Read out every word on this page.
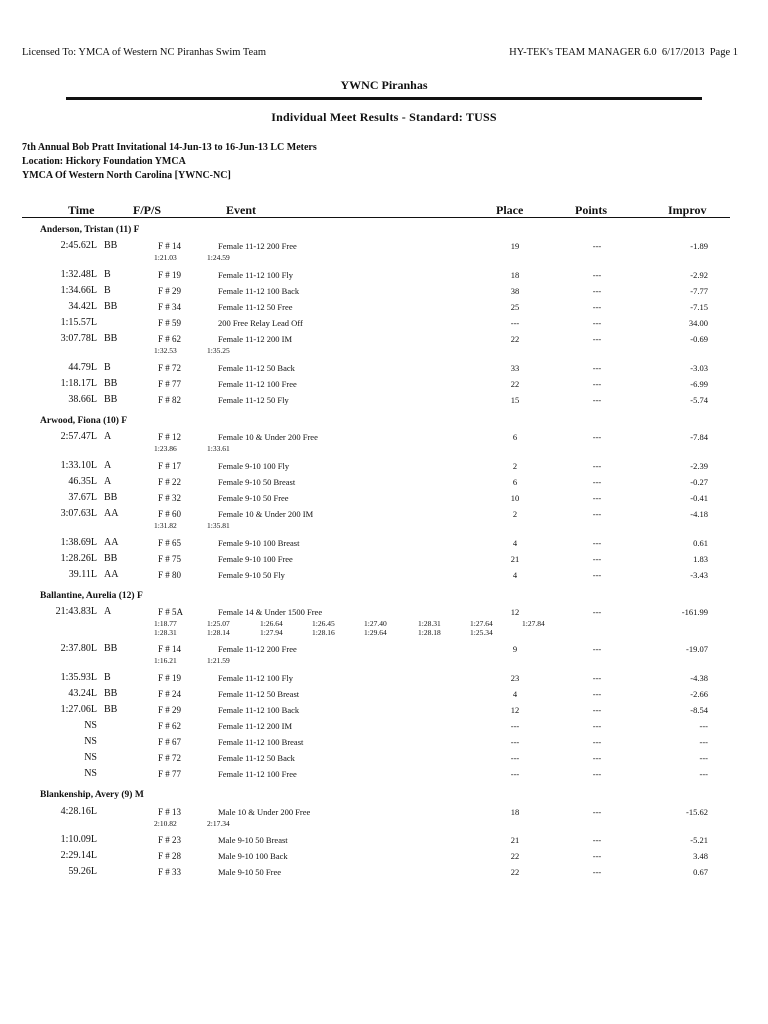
Licensed To: YMCA of Western NC Piranhas Swim Team	HY-TEK's TEAM MANAGER 6.0 6/17/2013 Page 1
YWNC Piranhas
Individual Meet Results - Standard: TUSS
7th Annual Bob Pratt Invitational 14-Jun-13 to 16-Jun-13 LC Meters
Location: Hickory Foundation YMCA
YMCA Of Western North Carolina [YWNC-NC]
Time	F/P/S	Event	Place	Points	Improv
Anderson, Tristan (11) F
2:45.62L BB	F # 14	Female 11-12 200 Free	19	---	-1.89
1:21.03	1:24.59
1:32.48L B	F # 19	Female 11-12 100 Fly	18	---	-2.92
1:34.66L B	F # 29	Female 11-12 100 Back	38	---	-7.77
34.42L BB	F # 34	Female 11-12 50 Free	25	---	-7.15
1:15.57L	F # 59	200 Free Relay Lead Off	---	---	34.00
3:07.78L BB	F # 62	Female 11-12 200 IM	22	---	-0.69
1:32.53	1:35.25
44.79L B	F # 72	Female 11-12 50 Back	33	---	-3.03
1:18.17L BB	F # 77	Female 11-12 100 Free	22	---	-6.99
38.66L BB	F # 82	Female 11-12 50 Fly	15	---	-5.74
Arwood, Fiona (10) F
2:57.47L A	F # 12	Female 10 & Under 200 Free	6	---	-7.84
1:23.86	1:33.61
1:33.10L A	F # 17	Female 9-10 100 Fly	2	---	-2.39
46.35L A	F # 22	Female 9-10 50 Breast	6	---	-0.27
37.67L BB	F # 32	Female 9-10 50 Free	10	---	-0.41
3:07.63L AA	F # 60	Female 10 & Under 200 IM	2	---	-4.18
1:31.82	1:35.81
1:38.69L AA	F # 65	Female 9-10 100 Breast	4	---	0.61
1:28.26L BB	F # 75	Female 9-10 100 Free	21	---	1.83
39.11L AA	F # 80	Female 9-10 50 Fly	4	---	-3.43
Ballantine, Aurelia (12) F
21:43.83L A	F # 5A	Female 14 & Under 1500 Free	12	---	-161.99
1:18.77	1:25.07	1:26.64	1:26.45	1:27.40	1:28.31	1:27.64	1:27.84
1:28.31	1:28.14	1:27.94	1:28.16	1:29.64	1:28.18	1:25.34
2:37.80L BB	F # 14	Female 11-12 200 Free	9	---	-19.07
1:16.21	1:21.59
1:35.93L B	F # 19	Female 11-12 100 Fly	23	---	-4.38
43.24L BB	F # 24	Female 11-12 50 Breast	4	---	-2.66
1:27.06L BB	F # 29	Female 11-12 100 Back	12	---	-8.54
NS	F # 62	Female 11-12 200 IM	---	---	---
NS	F # 67	Female 11-12 100 Breast	---	---	---
NS	F # 72	Female 11-12 50 Back	---	---	---
NS	F # 77	Female 11-12 100 Free	---	---	---
Blankenship, Avery (9) M
4:28.16L	F # 13	Male 10 & Under 200 Free	18	---	-15.62
2:10.82	2:17.34
1:10.09L	F # 23	Male 9-10 50 Breast	21	---	-5.21
2:29.14L	F # 28	Male 9-10 100 Back	22	---	3.48
59.26L	F # 33	Male 9-10 50 Free	22	---	0.67
